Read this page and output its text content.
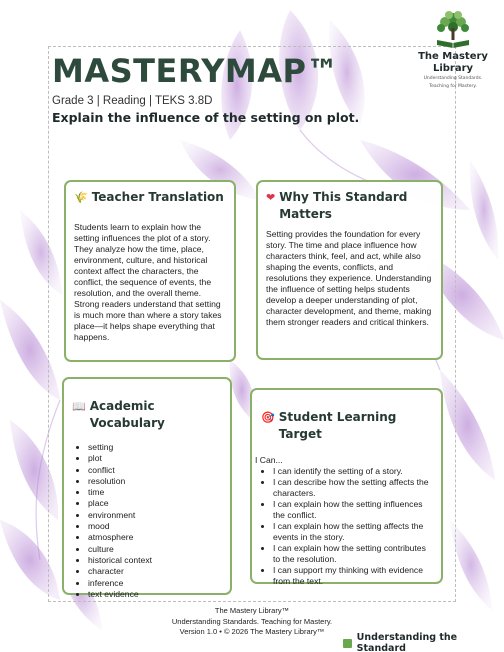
The Mastery
Library
Understanding Standards.
Teaching for Mastery.
MASTERYMAP™
Grade 3 | Reading | TEKS 3.8D
Explain the influence of the setting on plot.
🌾 Teacher Translation
Students learn to explain how the setting influences the plot of a story. They analyze how the time, place, environment, culture, and historical context affect the characters, the conflict, the sequence of events, the resolution, and the overall theme. Strong readers understand that setting is much more than where a story takes place—it helps shape everything that happens.
❤ Why This Standard Matters
Setting provides the foundation for every story. The time and place influence how characters think, feel, and act, while also shaping the events, conflicts, and resolutions they experience. Understanding the influence of setting helps students develop a deeper understanding of plot, character development, and theme, making them stronger readers and critical thinkers.
📖 Academic Vocabulary
• setting
• plot
• conflict
• resolution
• time
• place
• environment
• mood
• atmosphere
• culture
• historical context
• character
• inference
• text evidence
🎯 Student Learning Target
I Can...
• I can identify the setting of a story.
• I can describe how the setting affects the characters.
• I can explain how the setting influences the conflict.
• I can explain how the setting affects the events in the story.
• I can explain how the setting contributes to the resolution.
• I can support my thinking with evidence from the text.
The Mastery Library™
Understanding Standards. Teaching for Mastery.
Version 1.0 • © 2026 The Mastery Library™
Understanding the Standard
